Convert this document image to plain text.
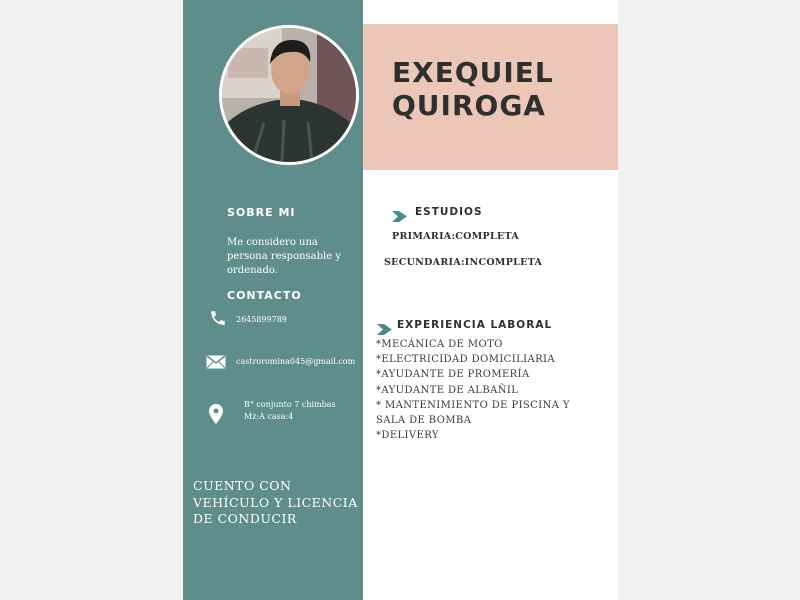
SOBRE MI

Me considero una persona responsable y ordenado.

CONTACTO
2645899789
castroromina045@gmail.com
B° conjunto 7 chimbas
Mz:A casa:4

CUENTO CON VEHÍCULO Y LICENCIA DE CONDUCIR

EXEQUIEL
QUIROGA
ESTUDIOS
PRIMARIA:COMPLETA
SECUNDARIA:INCOMPLETA
EXPERIENCIA LABORAL
*MECÁNICA DE MOTO
*ELECTRICIDAD DOMICILIARIA
*AYUDANTE DE PROMERÍA
*AYUDANTE DE ALBAÑIL
* MANTENIMIENTO DE PISCINA Y SALA DE BOMBA
*DELIVERY
